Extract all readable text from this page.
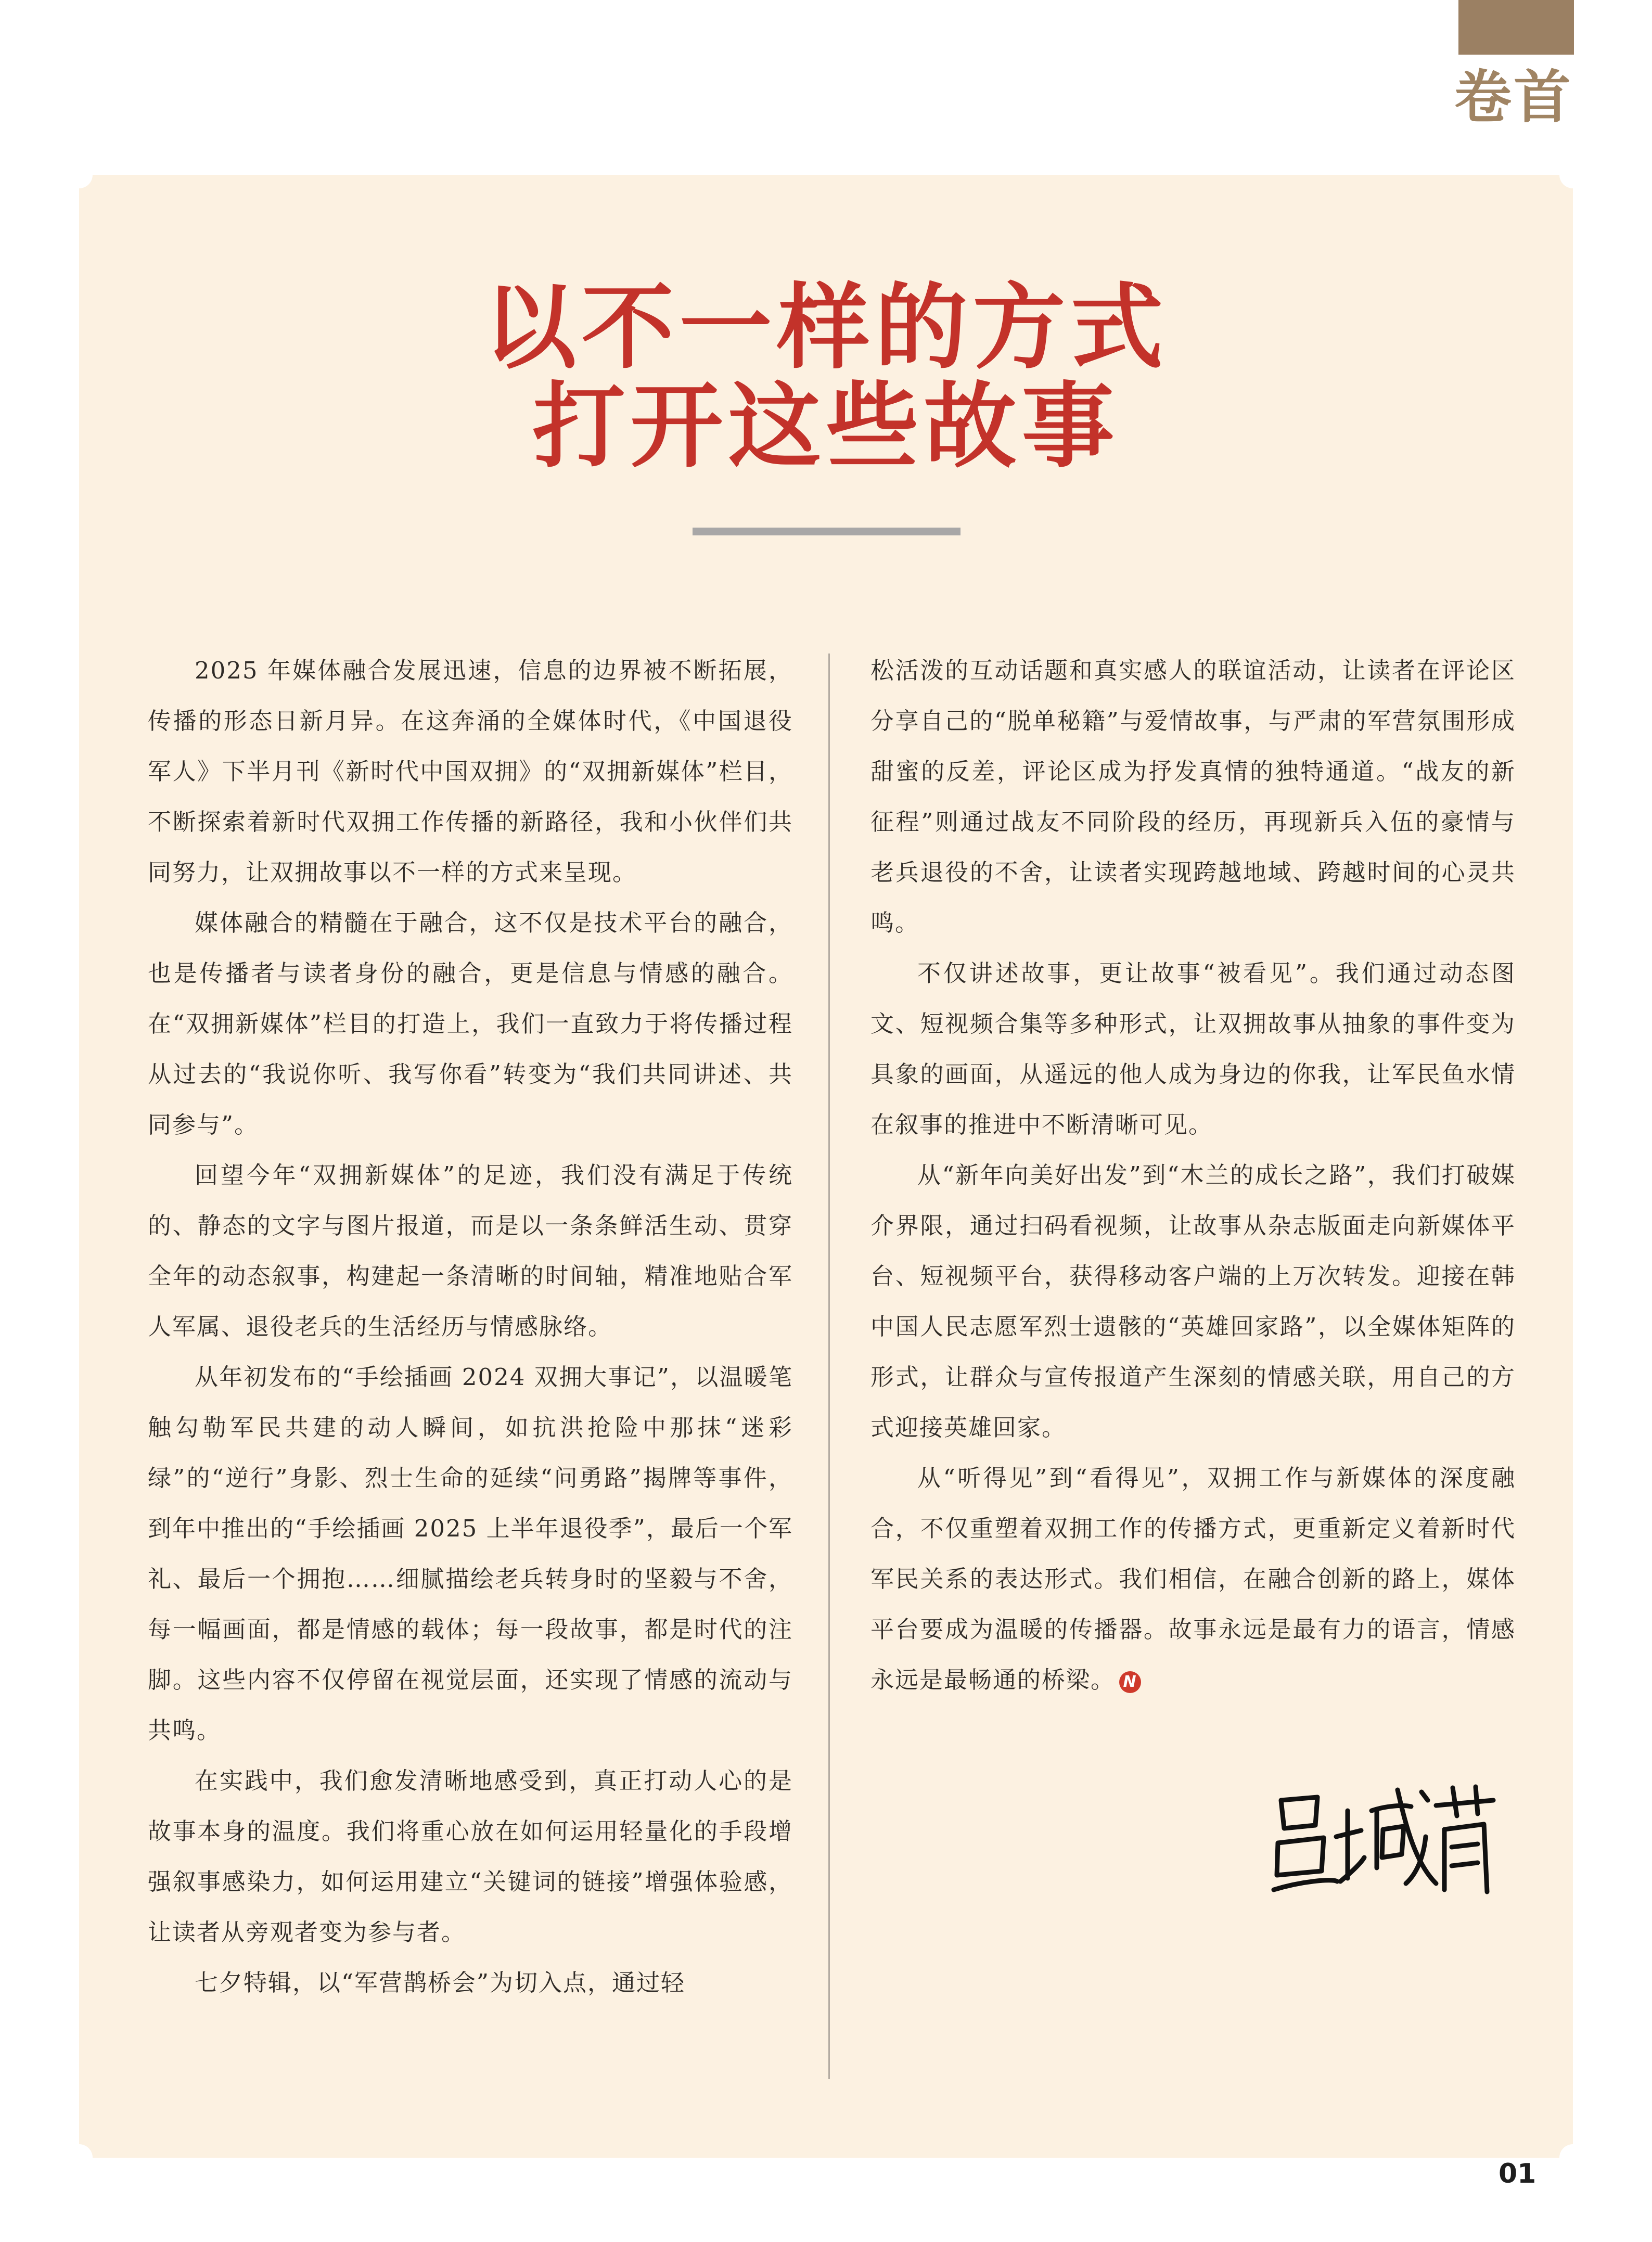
卷首
以不一样的方式
打开这些故事

2025 年媒体融合发展迅速，信息的边界被不断拓展，传播的形态日新月异。在这奔涌的全媒体时代，《中国退役军人》下半月刊《新时代中国双拥》的“双拥新媒体”栏目，不断探索着新时代双拥工作传播的新路径，我和小伙伴们共同努力，让双拥故事以不一样的方式来呈现。

媒体融合的精髓在于融合，这不仅是技术平台的融合，也是传播者与读者身份的融合，更是信息与情感的融合。在“双拥新媒体”栏目的打造上，我们一直致力于将传播过程从过去的“我说你听、我写你看”转变为“我们共同讲述、共同参与”。

回望今年“双拥新媒体”的足迹，我们没有满足于传统的、静态的文字与图片报道，而是以一条条鲜活生动、贯穿全年的动态叙事，构建起一条清晰的时间轴，精准地贴合军人军属、退役老兵的生活经历与情感脉络。

从年初发布的“手绘插画 2024 双拥大事记”，以温暖笔触勾勒军民共建的动人瞬间，如抗洪抢险中那抹“迷彩绿”的“逆行”身影、烈士生命的延续“问勇路”揭牌等事件，到年中推出的“手绘插画 2025 上半年退役季”，最后一个军礼、最后一个拥抱……细腻描绘老兵转身时的坚毅与不舍，每一幅画面，都是情感的载体；每一段故事，都是时代的注脚。这些内容不仅停留在视觉层面，还实现了情感的流动与共鸣。

在实践中，我们愈发清晰地感受到，真正打动人心的是故事本身的温度。我们将重心放在如何运用轻量化的手段增强叙事感染力，如何运用建立“关键词的链接”增强体验感，让读者从旁观者变为参与者。

七夕特辑，以“军营鹊桥会”为切入点，通过轻

松活泼的互动话题和真实感人的联谊活动，让读者在评论区分享自己的“脱单秘籍”与爱情故事，与严肃的军营氛围形成甜蜜的反差，评论区成为抒发真情的独特通道。“战友的新征程”则通过战友不同阶段的经历，再现新兵入伍的豪情与老兵退役的不舍，让读者实现跨越地域、跨越时间的心灵共鸣。

不仅讲述故事，更让故事“被看见”。我们通过动态图文、短视频合集等多种形式，让双拥故事从抽象的事件变为具象的画面，从遥远的他人成为身边的你我，让军民鱼水情在叙事的推进中不断清晰可见。

从“新年向美好出发”到“木兰的成长之路”，我们打破媒介界限，通过扫码看视频，让故事从杂志版面走向新媒体平台、短视频平台，获得移动客户端的上万次转发。迎接在韩中国人民志愿军烈士遗骸的“英雄回家路”，以全媒体矩阵的形式，让群众与宣传报道产生深刻的情感关联，用自己的方式迎接英雄回家。

从“听得见”到“看得见”，双拥工作与新媒体的深度融合，不仅重塑着双拥工作的传播方式，更重新定义着新时代军民关系的表达形式。我们相信，在融合创新的路上，媒体平台要成为温暖的传播器。故事永远是最有力的语言，情感永远是最畅通的桥梁。 N

01
